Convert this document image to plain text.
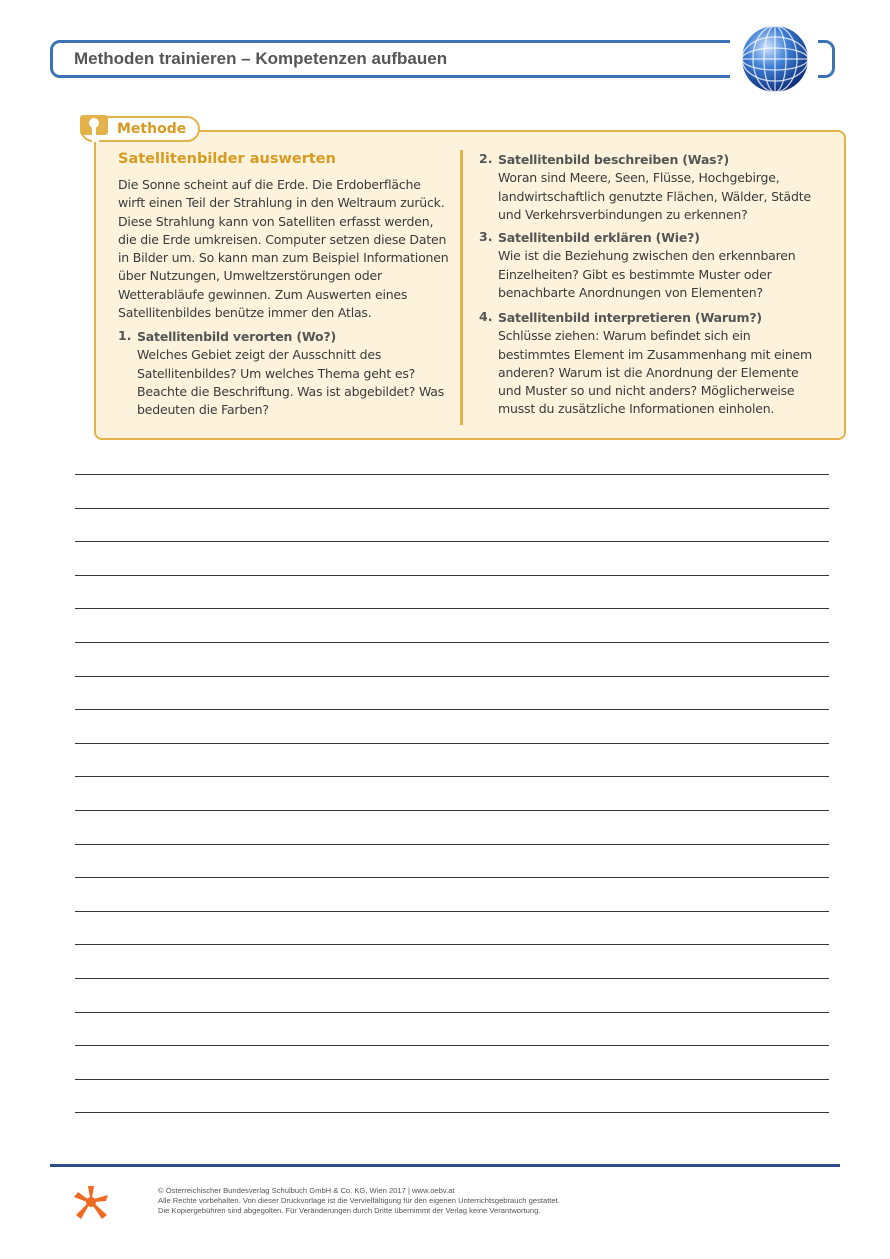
Methoden trainieren – Kompetenzen aufbauen
Methode
Satellitenbilder auswerten
Die Sonne scheint auf die Erde. Die Erdoberfläche wirft einen Teil der Strahlung in den Weltraum zurück. Diese Strahlung kann von Satelliten erfasst werden, die die Erde umkreisen. Computer setzen diese Daten in Bilder um. So kann man zum Beispiel Informationen über Nutzungen, Umweltzerstörungen oder Wetterabläufe gewinnen. Zum Auswerten eines Satellitenbildes benütze immer den Atlas.
1. Satellitenbild verorten (Wo?)
Welches Gebiet zeigt der Ausschnitt des Satellitenbildes? Um welches Thema geht es? Beachte die Beschriftung. Was ist abgebildet? Was bedeuten die Farben?
2. Satellitenbild beschreiben (Was?)
Woran sind Meere, Seen, Flüsse, Hochgebirge, landwirtschaftlich genutzte Flächen, Wälder, Städte und Verkehrsverbindungen zu erkennen?
3. Satellitenbild erklären (Wie?)
Wie ist die Beziehung zwischen den erkennbaren Einzelheiten? Gibt es bestimmte Muster oder benachbarte Anordnungen von Elementen?
4. Satellitenbild interpretieren (Warum?)
Schlüsse ziehen: Warum befindet sich ein bestimmtes Element im Zusammenhang mit einem anderen? Warum ist die Anordnung der Elemente und Muster so und nicht anders? Möglicherweise musst du zusätzliche Informationen einholen.
© Österreichischer Bundesverlag Schulbuch GmbH & Co. KG, Wien 2017 | www.oebv.at
Alle Rechte vorbehalten. Von dieser Druckvorlage ist die Vervielfältigung für den eigenen Unterrichtsgebrauch gestattet.
Die Kopiergebühren sind abgegolten. Für Veränderungen durch Dritte übernimmt der Verlag keine Verantwortung.
